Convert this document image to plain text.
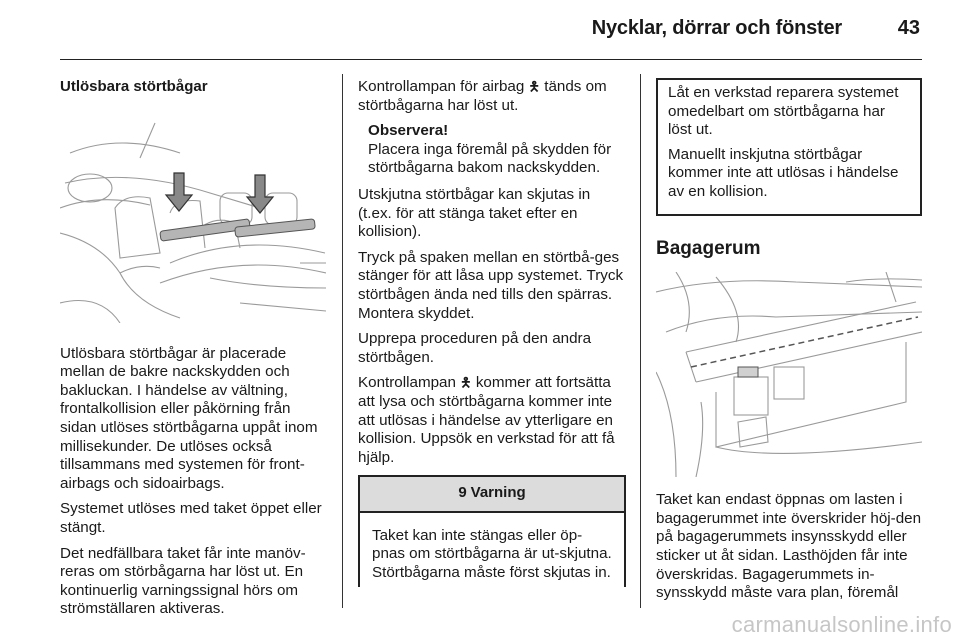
Nycklar, dörrar och fönster	43

Utlösbara störtbågar

Utlösbara störtbågar är placerade mellan de bakre nackskydden och bakluckan. I händelse av vältning, frontalkollision eller påkörning från sidan utlöses störtbågarna uppåt inom millisekunder. De utlöses också tillsammans med systemen för front-airbags och sidoairbags.

Systemet utlöses med taket öppet eller stängt.

Det nedfällbara taket får inte manöv-reras om störbågarna har löst ut. En kontinuerlig varningssignal hörs om strömställaren aktiveras.

Kontrollampan för airbag 🯅 tänds om störtbågarna har löst ut.

Observera!
Placera inga föremål på skydden för störtbågarna bakom nackskydden.

Utskjutna störtbågar kan skjutas in (t.ex. för att stänga taket efter en kollision).

Tryck på spaken mellan en störtbå-ges stänger för att låsa upp systemet. Tryck störtbågen ända ned tills den spärras. Montera skyddet.

Upprepa proceduren på den andra störtbågen.

Kontrollampan 🯅 kommer att fortsätta att lysa och störtbågarna kommer inte att utlösas i händelse av ytterligare en kollision. Uppsök en verkstad för att få hjälp.

9 Varning
Taket kan inte stängas eller öp-pnas om störtbågarna är ut-skjutna. Störtbågarna måste först skjutas in.

Låt en verkstad reparera systemet omedelbart om störtbågarna har löst ut.

Manuellt inskjutna störtbågar kommer inte att utlösas i händelse av en kollision.

Bagagerum

Taket kan endast öppnas om lasten i bagagerummet inte överskrider höj-den på bagagerummets insynsskydd eller sticker ut åt sidan. Lasthöjden får inte överskridas. Bagagerummets in-synsskydd måste vara plan, föremål

carmanualsonline.info
